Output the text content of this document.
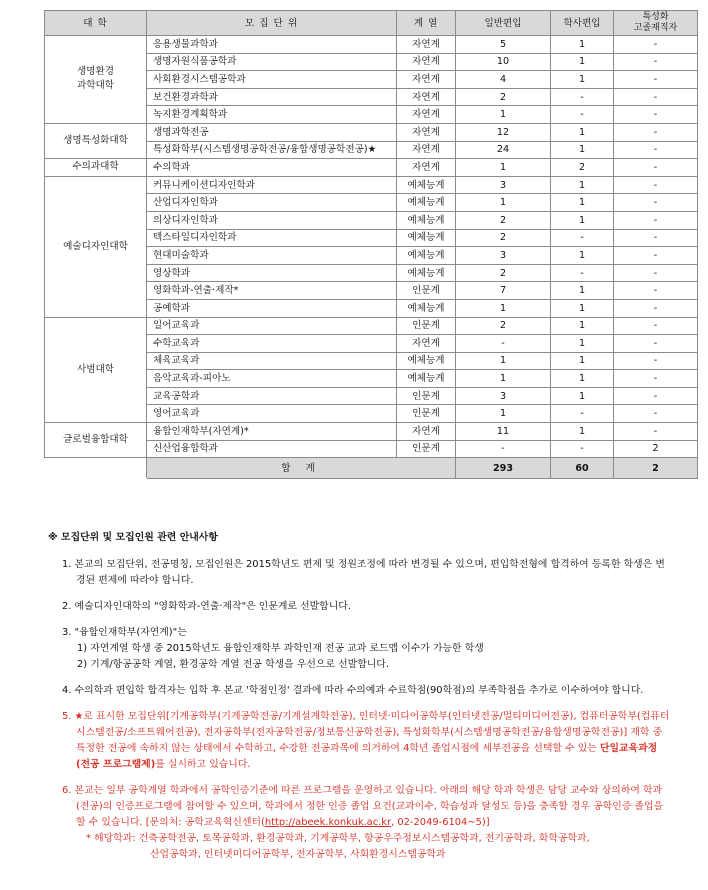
대 학	모 집 단 위	계 열	일반편입	학사편입	특성화
고졸재직자
생명환경
과학대학	응용생물과학과	자연계	5	1	-
	생명자원식품공학과	자연계	10	1	-
	사회환경시스템공학과	자연계	4	1	-
	보건환경과학과	자연계	2	-	-
	녹지환경계획학과	자연계	1	-	-
생명특성화대학	생명과학전공	자연계	12	1	-
	특성화학부(시스템생명공학전공/융합생명공학전공)★	자연계	24	1	-
수의과대학	수의학과	자연계	1	2	-
예술디자인대학	커뮤니케이션디자인학과	예체능계	3	1	-
	산업디자인학과	예체능계	1	1	-
	의상디자인학과	예체능계	2	1	-
	텍스타일디자인학과	예체능계	2	-	-
	현대미술학과	예체능계	3	1	-
	영상학과	예체능계	2	-	-
	영화학과-연출·제작*	인문계	7	1	-
	공예학과	예체능계	1	1	-
사범대학	일어교육과	인문계	2	1	-
	수학교육과	자연계	-	1	-
	체육교육과	예체능계	1	1	-
	음악교육과-피아노	예체능계	1	1	-
	교육공학과	인문계	3	1	-
	영어교육과	인문계	1	-	-
글로벌융합대학	융합인재학부(자연계)*	자연계	11	1	-
	신산업융합학과	인문계	-	-	2
	합 계		293	60	2
※ 모집단위 및 모집인원 관련 안내사항
1. 본교의 모집단위, 전공명칭, 모집인원은 2015학년도 편제 및 정원조정에 따라 변경될 수 있으며, 편입학전형에 합격하여 등록한 학생은 변경된 편제에 따라야 합니다.
2. 예술디자인대학의 "영화학과-연출·제작"은 인문계로 선발합니다.
3. "융합인재학부(자연계)"는
1) 자연계열 학생 중 2015학년도 융합인재학부 과학인재 전공 교과 로드맵 이수가 가능한 학생
2) 기계/항공공학 계열, 환경공학 계열 전공 학생을 우선으로 선발합니다.
4. 수의학과 편입학 합격자는 입학 후 본교 '학점인정' 결과에 따라 수의예과 수료학점(90학점)의 부족학점을 추가로 이수하여야 합니다.
5. ★로 표시한 모집단위[기계공학부(기계공학전공/기계설계학전공), 인터넷·미디어공학부(인터넷전공/멀티미디어전공), 컴퓨터공학부(컴퓨터시스템전공/소프트웨어전공), 전자공학부(전자공학전공/정보통신공학전공), 특성화학부(시스템생명공학전공/융합생명공학전공)] 재학 중 특정한 전공에 속하지 않는 상태에서 수학하고, 수강한 전공과목에 의거하여 4학년 졸업시점에 세부전공을 선택할 수 있는 단일교육과정(전공 프로그램제)를 실시하고 있습니다.
6. 본교는 일부 공학계열 학과에서 공학인증기준에 따른 프로그램을 운영하고 있습니다. 아래의 해당 학과 학생은 담당 교수와 상의하여 학과(전공)의 인증프로그램에 참여할 수 있으며, 학과에서 정한 인증 졸업 요건(교과이수, 학습성과 달성도 등)을 충족할 경우 공학인증 졸업을 할 수 있습니다. [문의처: 공학교육혁신센터(http://abeek.konkuk.ac.kr, 02-2049-6104~5)]
* 해당학과: 건축공학전공, 토목공학과, 환경공학과, 기계공학부, 항공우주정보시스템공학과, 전기공학과, 화학공학과,
산업공학과, 인터넷미디어공학부, 전자공학부, 사회환경시스템공학과
